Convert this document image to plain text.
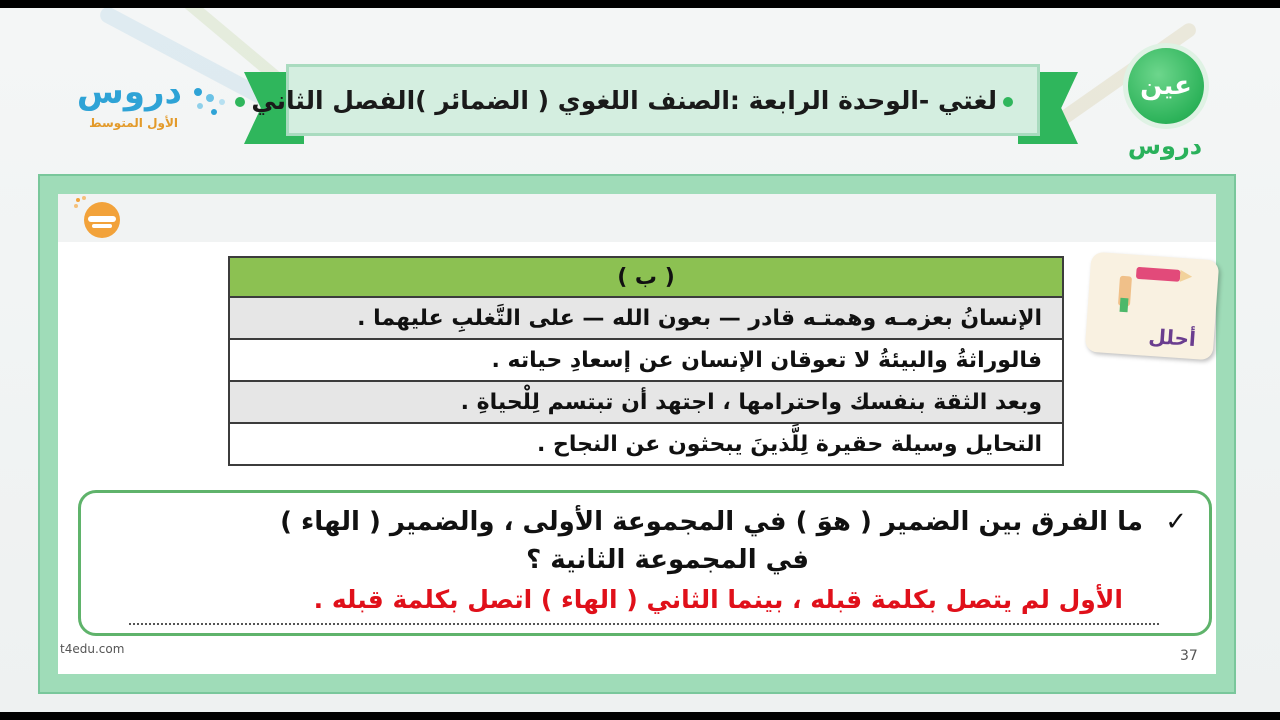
دروس
الأول المتوسط
عين
دروس
لغتي -الوحدة الرابعة :الصنف اللغوي ( الضمائر )
الفصل الثاني
أحلل
( ب )
الإنسانُ بعزمـه وهمتـه قادر — بعون الله — على التَّغلبِ عليهما .
فالوراثةُ والبيئةُ لا تعوقان الإنسان عن إسعادِ حياته .
وبعد الثقة بنفسك واحترامها ، اجتهد أن تبتسم لِلْحياةِ .
التحايل وسيلة حقيرة لِلَّذينَ يبحثون عن النجاح .
✓
ما الفرق بين الضمير ( هوَ ) في المجموعة الأولى ، والضمير ( الهاء )
في المجموعة الثانية ؟
الأول لم يتصل بكلمة قبله ، بينما الثاني ( الهاء ) اتصل بكلمة قبله .
t4edu.com	37
